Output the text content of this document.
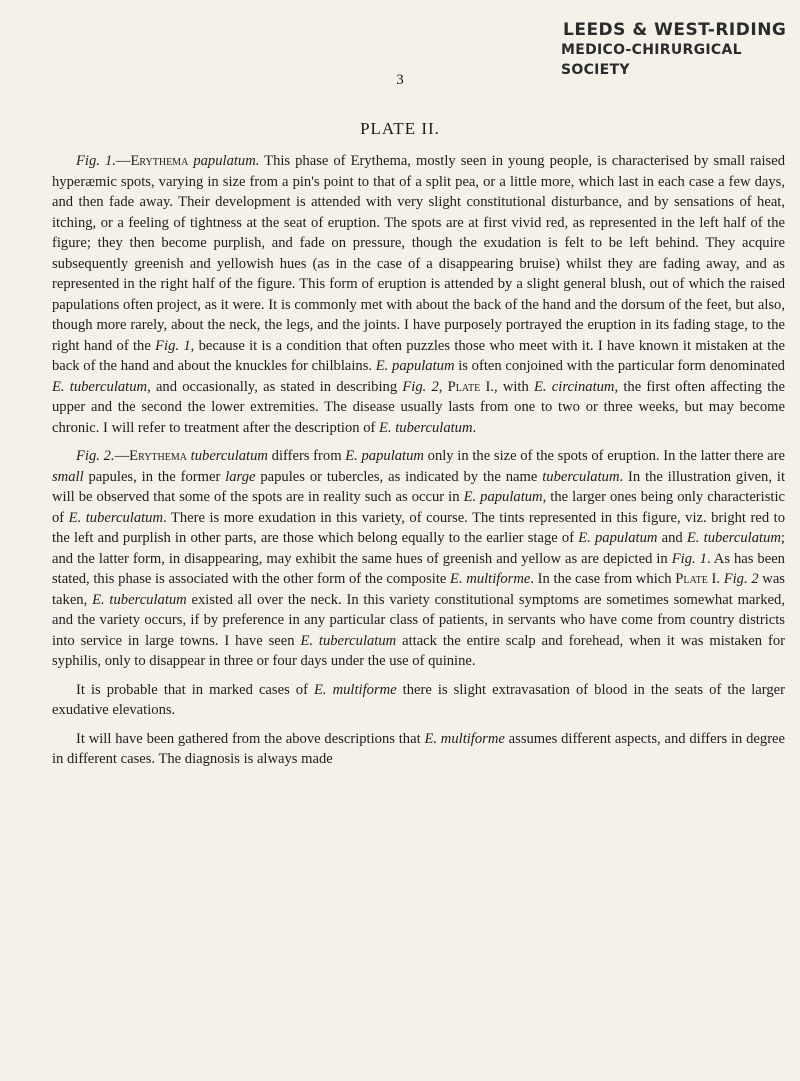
LEEDS & WEST-RIDING
MEDICO-CHIRURGICAL SOCIETY
3
PLATE II.

Fig. 1.—Erythema papulatum. This phase of Erythema, mostly seen in young people, is characterised by small raised hyperæmic spots, varying in size from a pin's point to that of a split pea, or a little more, which last in each case a few days, and then fade away. Their development is attended with very slight constitutional disturbance, and by sensations of heat, itching, or a feeling of tightness at the seat of eruption. The spots are at first vivid red, as represented in the left half of the figure; they then become purplish, and fade on pressure, though the exudation is felt to be left behind. They acquire subsequently greenish and yellowish hues (as in the case of a disappearing bruise) whilst they are fading away, and as represented in the right half of the figure. This form of eruption is attended by a slight general blush, out of which the raised papulations often project, as it were. It is commonly met with about the back of the hand and the dorsum of the feet, but also, though more rarely, about the neck, the legs, and the joints. I have purposely portrayed the eruption in its fading stage, to the right hand of the Fig. 1, because it is a condition that often puzzles those who meet with it. I have known it mistaken at the back of the hand and about the knuckles for chilblains. E. papulatum is often conjoined with the particular form denominated E. tuberculatum, and occasionally, as stated in describing Fig. 2, Plate I., with E. circinatum, the first often affecting the upper and the second the lower extremities. The disease usually lasts from one to two or three weeks, but may become chronic. I will refer to treatment after the description of E. tuberculatum.

Fig. 2.—Erythema tuberculatum differs from E. papulatum only in the size of the spots of eruption. In the latter there are small papules, in the former large papules or tubercles, as indicated by the name tuberculatum. In the illustration given, it will be observed that some of the spots are in reality such as occur in E. papulatum, the larger ones being only characteristic of E. tuberculatum. There is more exudation in this variety, of course. The tints represented in this figure, viz. bright red to the left and purplish in other parts, are those which belong equally to the earlier stage of E. papulatum and E. tuberculatum; and the latter form, in disappearing, may exhibit the same hues of greenish and yellow as are depicted in Fig. 1. As has been stated, this phase is associated with the other form of the composite E. multiforme. In the case from which Plate I. Fig. 2 was taken, E. tuberculatum existed all over the neck. In this variety constitutional symptoms are sometimes somewhat marked, and the variety occurs, if by preference in any particular class of patients, in servants who have come from country districts into service in large towns. I have seen E. tuberculatum attack the entire scalp and forehead, when it was mistaken for syphilis, only to disappear in three or four days under the use of quinine.

It is probable that in marked cases of E. multiforme there is slight extravasation of blood in the seats of the larger exudative elevations.

It will have been gathered from the above descriptions that E. multiforme assumes different aspects, and differs in degree in different cases. The diagnosis is always made
